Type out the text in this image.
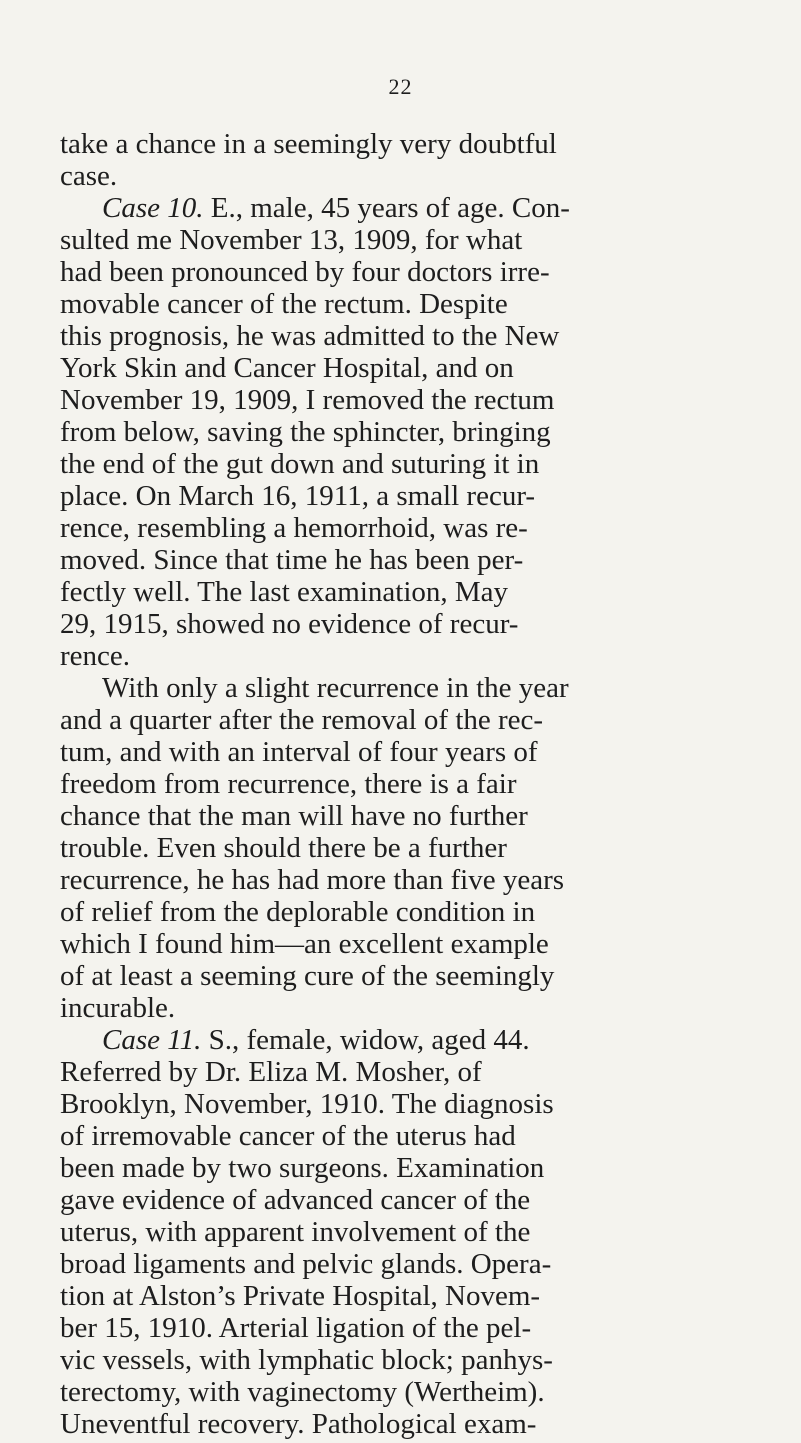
22
take a chance in a seemingly very doubtful
case.
Case 10. E., male, 45 years of age. Con-
sulted me November 13, 1909, for what
had been pronounced by four doctors irre-
movable cancer of the rectum. Despite
this prognosis, he was admitted to the New
York Skin and Cancer Hospital, and on
November 19, 1909, I removed the rectum
from below, saving the sphincter, bringing
the end of the gut down and suturing it in
place. On March 16, 1911, a small recur-
rence, resembling a hemorrhoid, was re-
moved. Since that time he has been per-
fectly well. The last examination, May
29, 1915, showed no evidence of recur-
rence.
With only a slight recurrence in the year
and a quarter after the removal of the rec-
tum, and with an interval of four years of
freedom from recurrence, there is a fair
chance that the man will have no further
trouble. Even should there be a further
recurrence, he has had more than five years
of relief from the deplorable condition in
which I found him—an excellent example
of at least a seeming cure of the seemingly
incurable.
Case 11. S., female, widow, aged 44.
Referred by Dr. Eliza M. Mosher, of
Brooklyn, November, 1910. The diagnosis
of irremovable cancer of the uterus had
been made by two surgeons. Examination
gave evidence of advanced cancer of the
uterus, with apparent involvement of the
broad ligaments and pelvic glands. Opera-
tion at Alston’s Private Hospital, Novem-
ber 15, 1910. Arterial ligation of the pel-
vic vessels, with lymphatic block; panhys-
terectomy, with vaginectomy (Wertheim).
Uneventful recovery. Pathological exam-
